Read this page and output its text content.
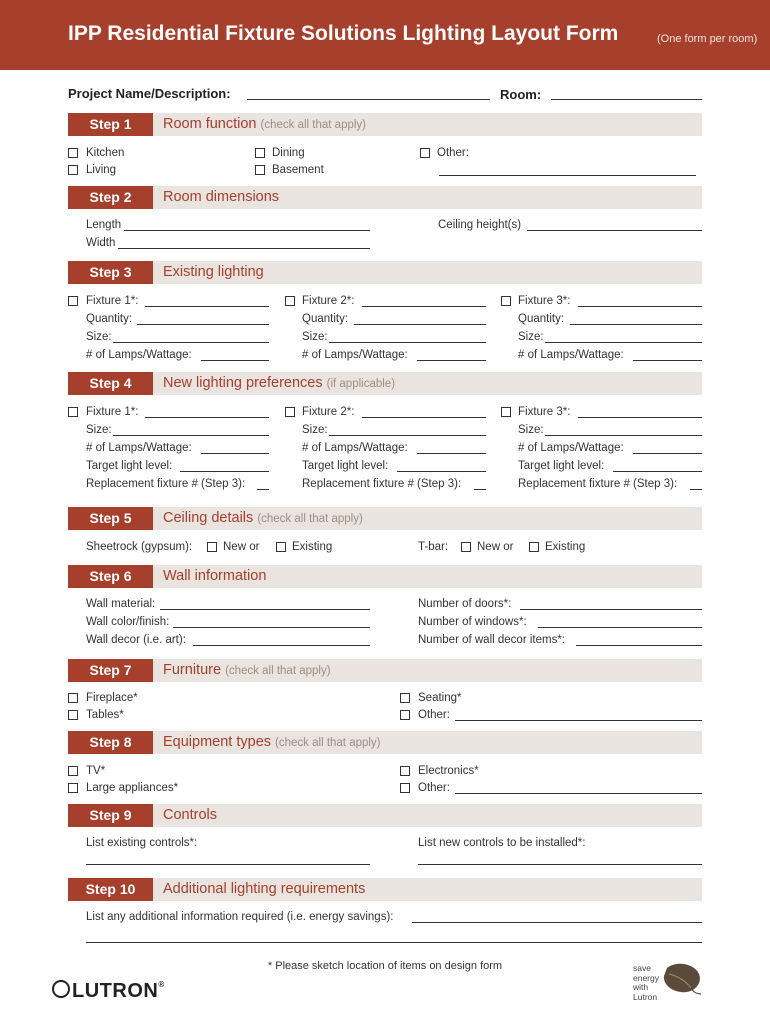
IPP Residential Fixture Solutions Lighting Layout Form	(One form per room)
Project Name/Description:	Room:
Step 1	Room function (check all that apply)
Kitchen
Living
Dining
Basement
Other:
Step 2	Room dimensions
Length
Width
Ceiling height(s)
Step 3	Existing lighting
Fixture 1*:
Quantity:
Size:
# of Lamps/Wattage:
Fixture 2*:
Quantity:
Size:
# of Lamps/Wattage:
Fixture 3*:
Quantity:
Size:
# of Lamps/Wattage:
Step 4	New lighting preferences (if applicable)
Fixture 1*:
Size:
# of Lamps/Wattage:
Target light level:
Replacement fixture # (Step 3):
Fixture 2*:
Size:
# of Lamps/Wattage:
Target light level:
Replacement fixture # (Step 3):
Fixture 3*:
Size:
# of Lamps/Wattage:
Target light level:
Replacement fixture # (Step 3):
Step 5	Ceiling details (check all that apply)
Sheetrock (gypsum):	New or	Existing	T-bar:	New or	Existing
Step 6	Wall information
Wall material:
Wall color/finish:
Wall decor (i.e. art):
Number of doors*:
Number of windows*:
Number of wall decor items*:
Step 7	Furniture (check all that apply)
Fireplace*
Tables*
Seating*
Other:
Step 8	Equipment types (check all that apply)
TV*
Large appliances*
Electronics*
Other:
Step 9	Controls
List existing controls*:	List new controls to be installed*:
Step 10	Additional lighting requirements
List any additional information required (i.e. energy savings):
* Please sketch location of items on design form
LUTRON®
save
energy
with
Lutron
